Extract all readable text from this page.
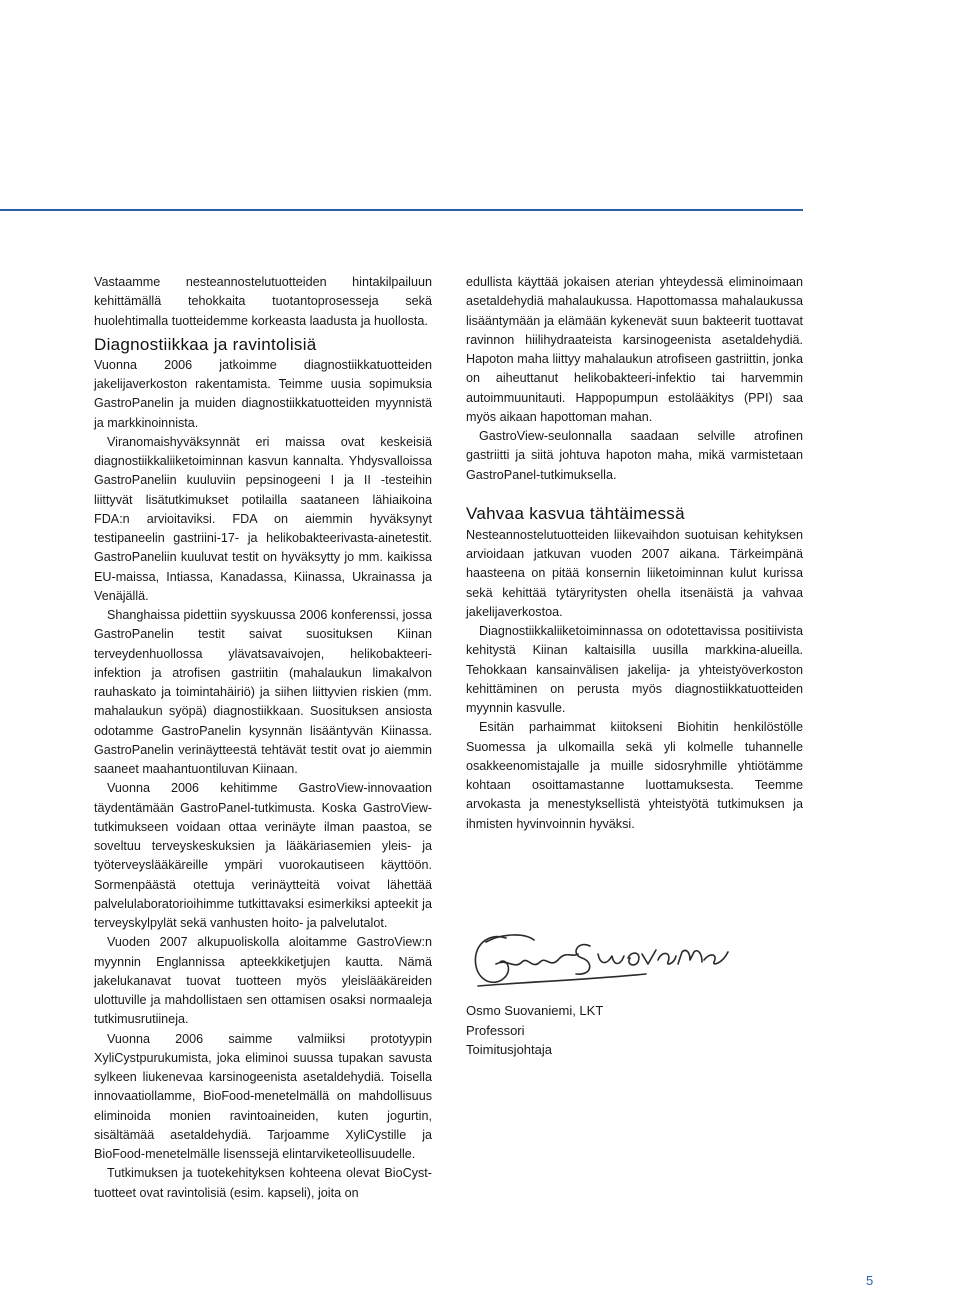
Vastaamme nesteannostelutuotteiden hintakilpailuun kehittämällä tehokkaita tuotantoprosesseja sekä huolehtimalla tuotteidemme korkeasta laadusta ja huollosta.

Diagnostiikkaa ja ravintolisiä

Vuonna 2006 jatkoimme diagnostiikkatuotteiden jakelijaverkoston rakentamista. Teimme uusia sopimuksia GastroPanelin ja muiden diagnostiikkatuotteiden myynnistä ja markkinoinnista.

Viranomaishyväksynnät eri maissa ovat keskeisiä diagnostiikkaliiketoiminnan kasvun kannalta. Yhdysvalloissa GastroPaneliin kuuluviin pepsinogeeni I ja II -testeihin liittyvät lisätutkimukset potilailla saataneen lähiaikoina FDA:n arvioitaviksi. FDA on aiemmin hyväksynyt testipaneelin gastriini-17- ja helikobakteerivasta-ainetestit. GastroPaneliin kuuluvat testit on hyväksytty jo mm. kaikissa EU-maissa, Intiassa, Kanadassa, Kiinassa, Ukrainassa ja Venäjällä.

Shanghaissa pidettiin syyskuussa 2006 konferenssi, jossa GastroPanelin testit saivat suosituksen Kiinan terveydenhuollossa ylävatsavaivojen, helikobakteeri-infektion ja atrofisen gastriitin (mahalaukun limakalvon rauhaskato ja toimintahäiriö) ja siihen liittyvien riskien (mm. mahalaukun syöpä) diagnostiikkaan. Suosituksen ansiosta odotamme GastroPanelin kysynnän lisääntyvän Kiinassa. GastroPanelin verinäytteestä tehtävät testit ovat jo aiemmin saaneet maahantuontiluvan Kiinaan.

Vuonna 2006 kehitimme GastroView-innovaation täydentämään GastroPanel-tutkimusta. Koska GastroView-tutkimukseen voidaan ottaa verinäyte ilman paastoa, se soveltuu terveyskeskuksien ja lääkäriasemien yleis- ja työterveyslääkäreille ympäri vuorokautiseen käyttöön. Sormenpäästä otettuja verinäytteitä voivat lähettää palvelulaboratorioihimme tutkittavaksi esimerkiksi apteekit ja terveyskylpylät sekä vanhusten hoito- ja palvelutalot.

Vuoden 2007 alkupuoliskolla aloitamme GastroView:n myynnin Englannissa apteekkiketjujen kautta. Nämä jakelukanavat tuovat tuotteen myös yleislääkäreiden ulottuville ja mahdollistaen sen ottamisen osaksi normaaleja tutkimusrutiineja.

Vuonna 2006 saimme valmiiksi prototyypin XyliCystpurukumista, joka eliminoi suussa tupakan savusta sylkeen liukenevaa karsinogeenista asetaldehydiä. Toisella innovaatiollamme, BioFood-menetelmällä on mahdollisuus eliminoida monien ravintoaineiden, kuten jogurtin, sisältämää asetaldehydiä. Tarjoamme XyliCystille ja BioFood-menetelmälle lisenssejä elintarviketeollisuudelle.

Tutkimuksen ja tuotekehityksen kohteena olevat BioCyst-tuotteet ovat ravintolisiä (esim. kapseli), joita on

edullista käyttää jokaisen aterian yhteydessä eliminoimaan asetaldehydiä mahalaukussa. Hapottomassa mahalaukussa lisääntymään ja elämään kykenevät suun bakteerit tuottavat ravinnon hiilihydraateista karsinogeenista asetaldehydiä. Hapoton maha liittyy mahalaukun atrofiseen gastriittin, jonka on aiheuttanut helikobakteeri-infektio tai harvemmin autoimmuunitauti. Happopumpun estolääkitys (PPI) saa myös aikaan hapottoman mahan.

GastroView-seulonnalla saadaan selville atrofinen gastriitti ja siitä johtuva hapoton maha, mikä varmistetaan GastroPanel-tutkimuksella.

Vahvaa kasvua tähtäimessä

Nesteannostelutuotteiden liikevaihdon suotuisan kehityksen arvioidaan jatkuvan vuoden 2007 aikana. Tärkeimpänä haasteena on pitää konsernin liiketoiminnan kulut kurissa sekä kehittää tytäryritysten ohella itsenäistä ja vahvaa jakelijaverkostoa.

Diagnostiikkaliiketoiminnassa on odotettavissa positiivista kehitystä Kiinan kaltaisilla uusilla markkina-alueilla. Tehokkaan kansainvälisen jakelija- ja yhteistyöverkoston kehittäminen on perusta myös diagnostiikkatuotteiden myynnin kasvulle.

Esitän parhaimmat kiitokseni Biohitin henkilöstölle Suomessa ja ulkomailla sekä yli kolmelle tuhannelle osakkeenomistajalle ja muille sidosryhmille yhtiötämme kohtaan osoittamastanne luottamuksesta. Teemme arvokasta ja menestyksellistä yhteistyötä tutkimuksen ja ihmisten hyvinvoinnin hyväksi.

Osmo Suovaniemi, LKT
Professori
Toimitusjohtaja
5
